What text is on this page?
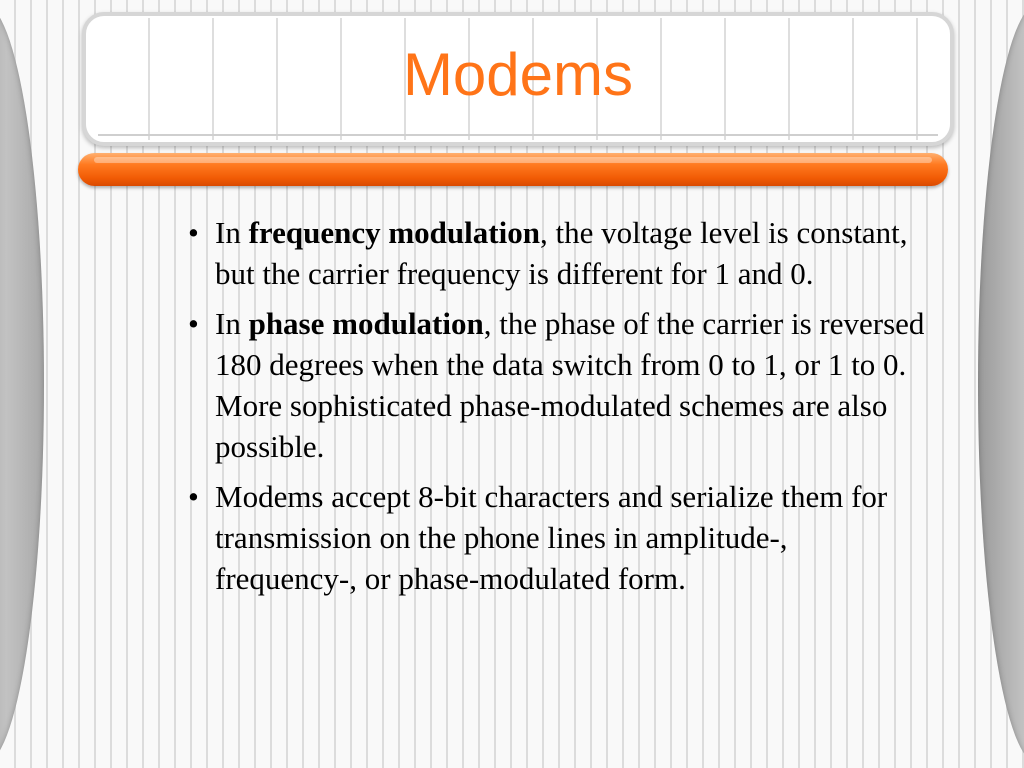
Modems
• In frequency modulation, the voltage level is constant, but the carrier frequency is different for 1 and 0.
• In phase modulation, the phase of the carrier is reversed 180 degrees when the data switch from 0 to 1, or 1 to 0. More sophisticated phase-modulated schemes are also possible.
• Modems accept 8-bit characters and serialize them for transmission on the phone lines in amplitude-, frequency-, or phase-modulated form.
